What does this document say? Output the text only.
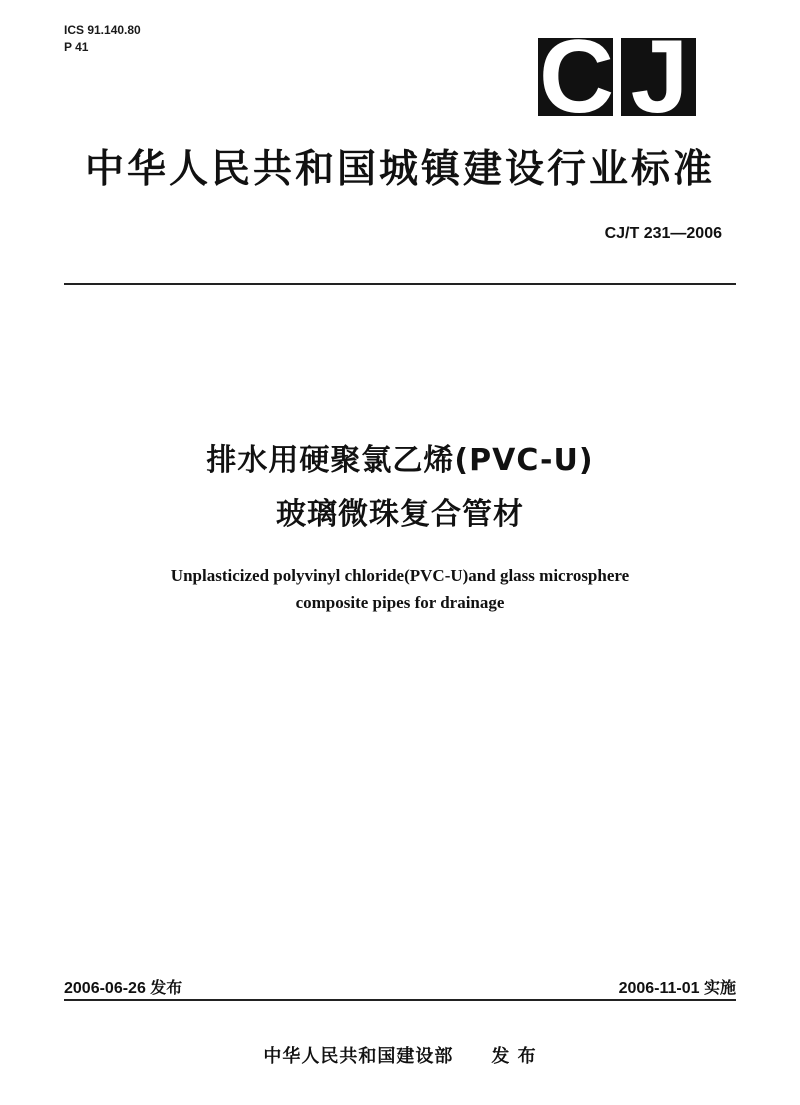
ICS 91.140.80
P 41	C J
中华人民共和国城镇建设行业标准
CJ/T 231—2006
排水用硬聚氯乙烯(PVC-U)
玻璃微珠复合管材
Unplasticized polyvinyl chloride(PVC-U)and glass microsphere
composite pipes for drainage
2006-06-26 发布	2006-11-01 实施
中华人民共和国建设部 发 布
